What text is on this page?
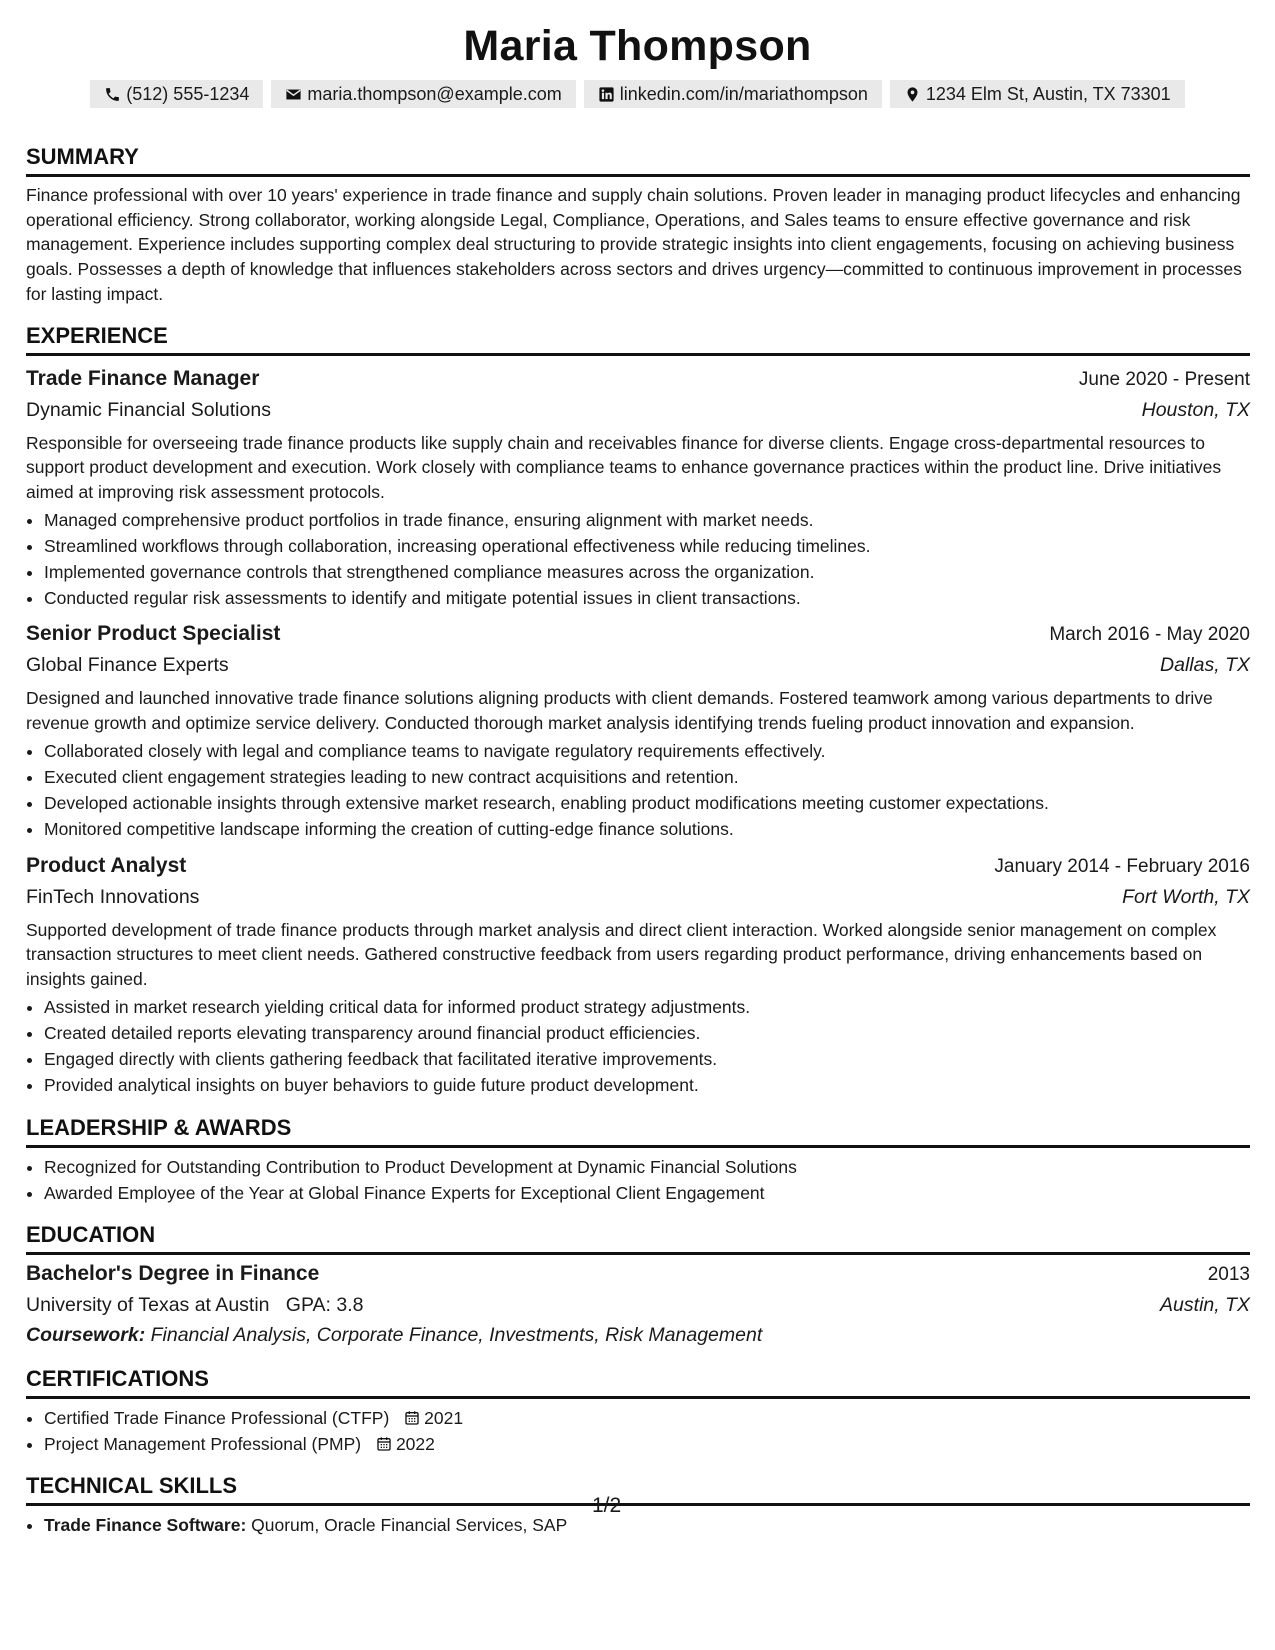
Maria Thompson
(512) 555-1234	maria.thompson@example.com	linkedin.com/in/mariathompson	1234 Elm St, Austin, TX 73301
SUMMARY

Finance professional with over 10 years' experience in trade finance and supply chain solutions. Proven leader in managing product lifecycles and enhancing operational efficiency. Strong collaborator, working alongside Legal, Compliance, Operations, and Sales teams to ensure effective governance and risk management. Experience includes supporting complex deal structuring to provide strategic insights into client engagements, focusing on achieving business goals. Possesses a depth of knowledge that influences stakeholders across sectors and drives urgency—committed to continuous improvement in processes for lasting impact.

EXPERIENCE
Trade Finance Manager	June 2020 - Present
Dynamic Financial Solutions	Houston, TX

Responsible for overseeing trade finance products like supply chain and receivables finance for diverse clients. Engage cross-departmental resources to support product development and execution. Work closely with compliance teams to enhance governance practices within the product line. Drive initiatives aimed at improving risk assessment protocols.

• Managed comprehensive product portfolios in trade finance, ensuring alignment with market needs.
• Streamlined workflows through collaboration, increasing operational effectiveness while reducing timelines.
• Implemented governance controls that strengthened compliance measures across the organization.
• Conducted regular risk assessments to identify and mitigate potential issues in client transactions.
Senior Product Specialist	March 2016 - May 2020
Global Finance Experts	Dallas, TX

Designed and launched innovative trade finance solutions aligning products with client demands. Fostered teamwork among various departments to drive revenue growth and optimize service delivery. Conducted thorough market analysis identifying trends fueling product innovation and expansion.

• Collaborated closely with legal and compliance teams to navigate regulatory requirements effectively.
• Executed client engagement strategies leading to new contract acquisitions and retention.
• Developed actionable insights through extensive market research, enabling product modifications meeting customer expectations.
• Monitored competitive landscape informing the creation of cutting-edge finance solutions.
Product Analyst	January 2014 - February 2016
FinTech Innovations	Fort Worth, TX

Supported development of trade finance products through market analysis and direct client interaction. Worked alongside senior management on complex transaction structures to meet client needs. Gathered constructive feedback from users regarding product performance, driving enhancements based on insights gained.

• Assisted in market research yielding critical data for informed product strategy adjustments.
• Created detailed reports elevating transparency around financial product efficiencies.
• Engaged directly with clients gathering feedback that facilitated iterative improvements.
• Provided analytical insights on buyer behaviors to guide future product development.
LEADERSHIP & AWARDS
• Recognized for Outstanding Contribution to Product Development at Dynamic Financial Solutions
• Awarded Employee of the Year at Global Finance Experts for Exceptional Client Engagement
EDUCATION
Bachelor's Degree in Finance	2013
University of Texas at Austin GPA: 3.8	Austin, TX
Coursework: Financial Analysis, Corporate Finance, Investments, Risk Management
CERTIFICATIONS
• Certified Trade Finance Professional (CTFP) 2021
• Project Management Professional (PMP) 2022
TECHNICAL SKILLS
• Trade Finance Software: Quorum, Oracle Financial Services, SAP
1/2
